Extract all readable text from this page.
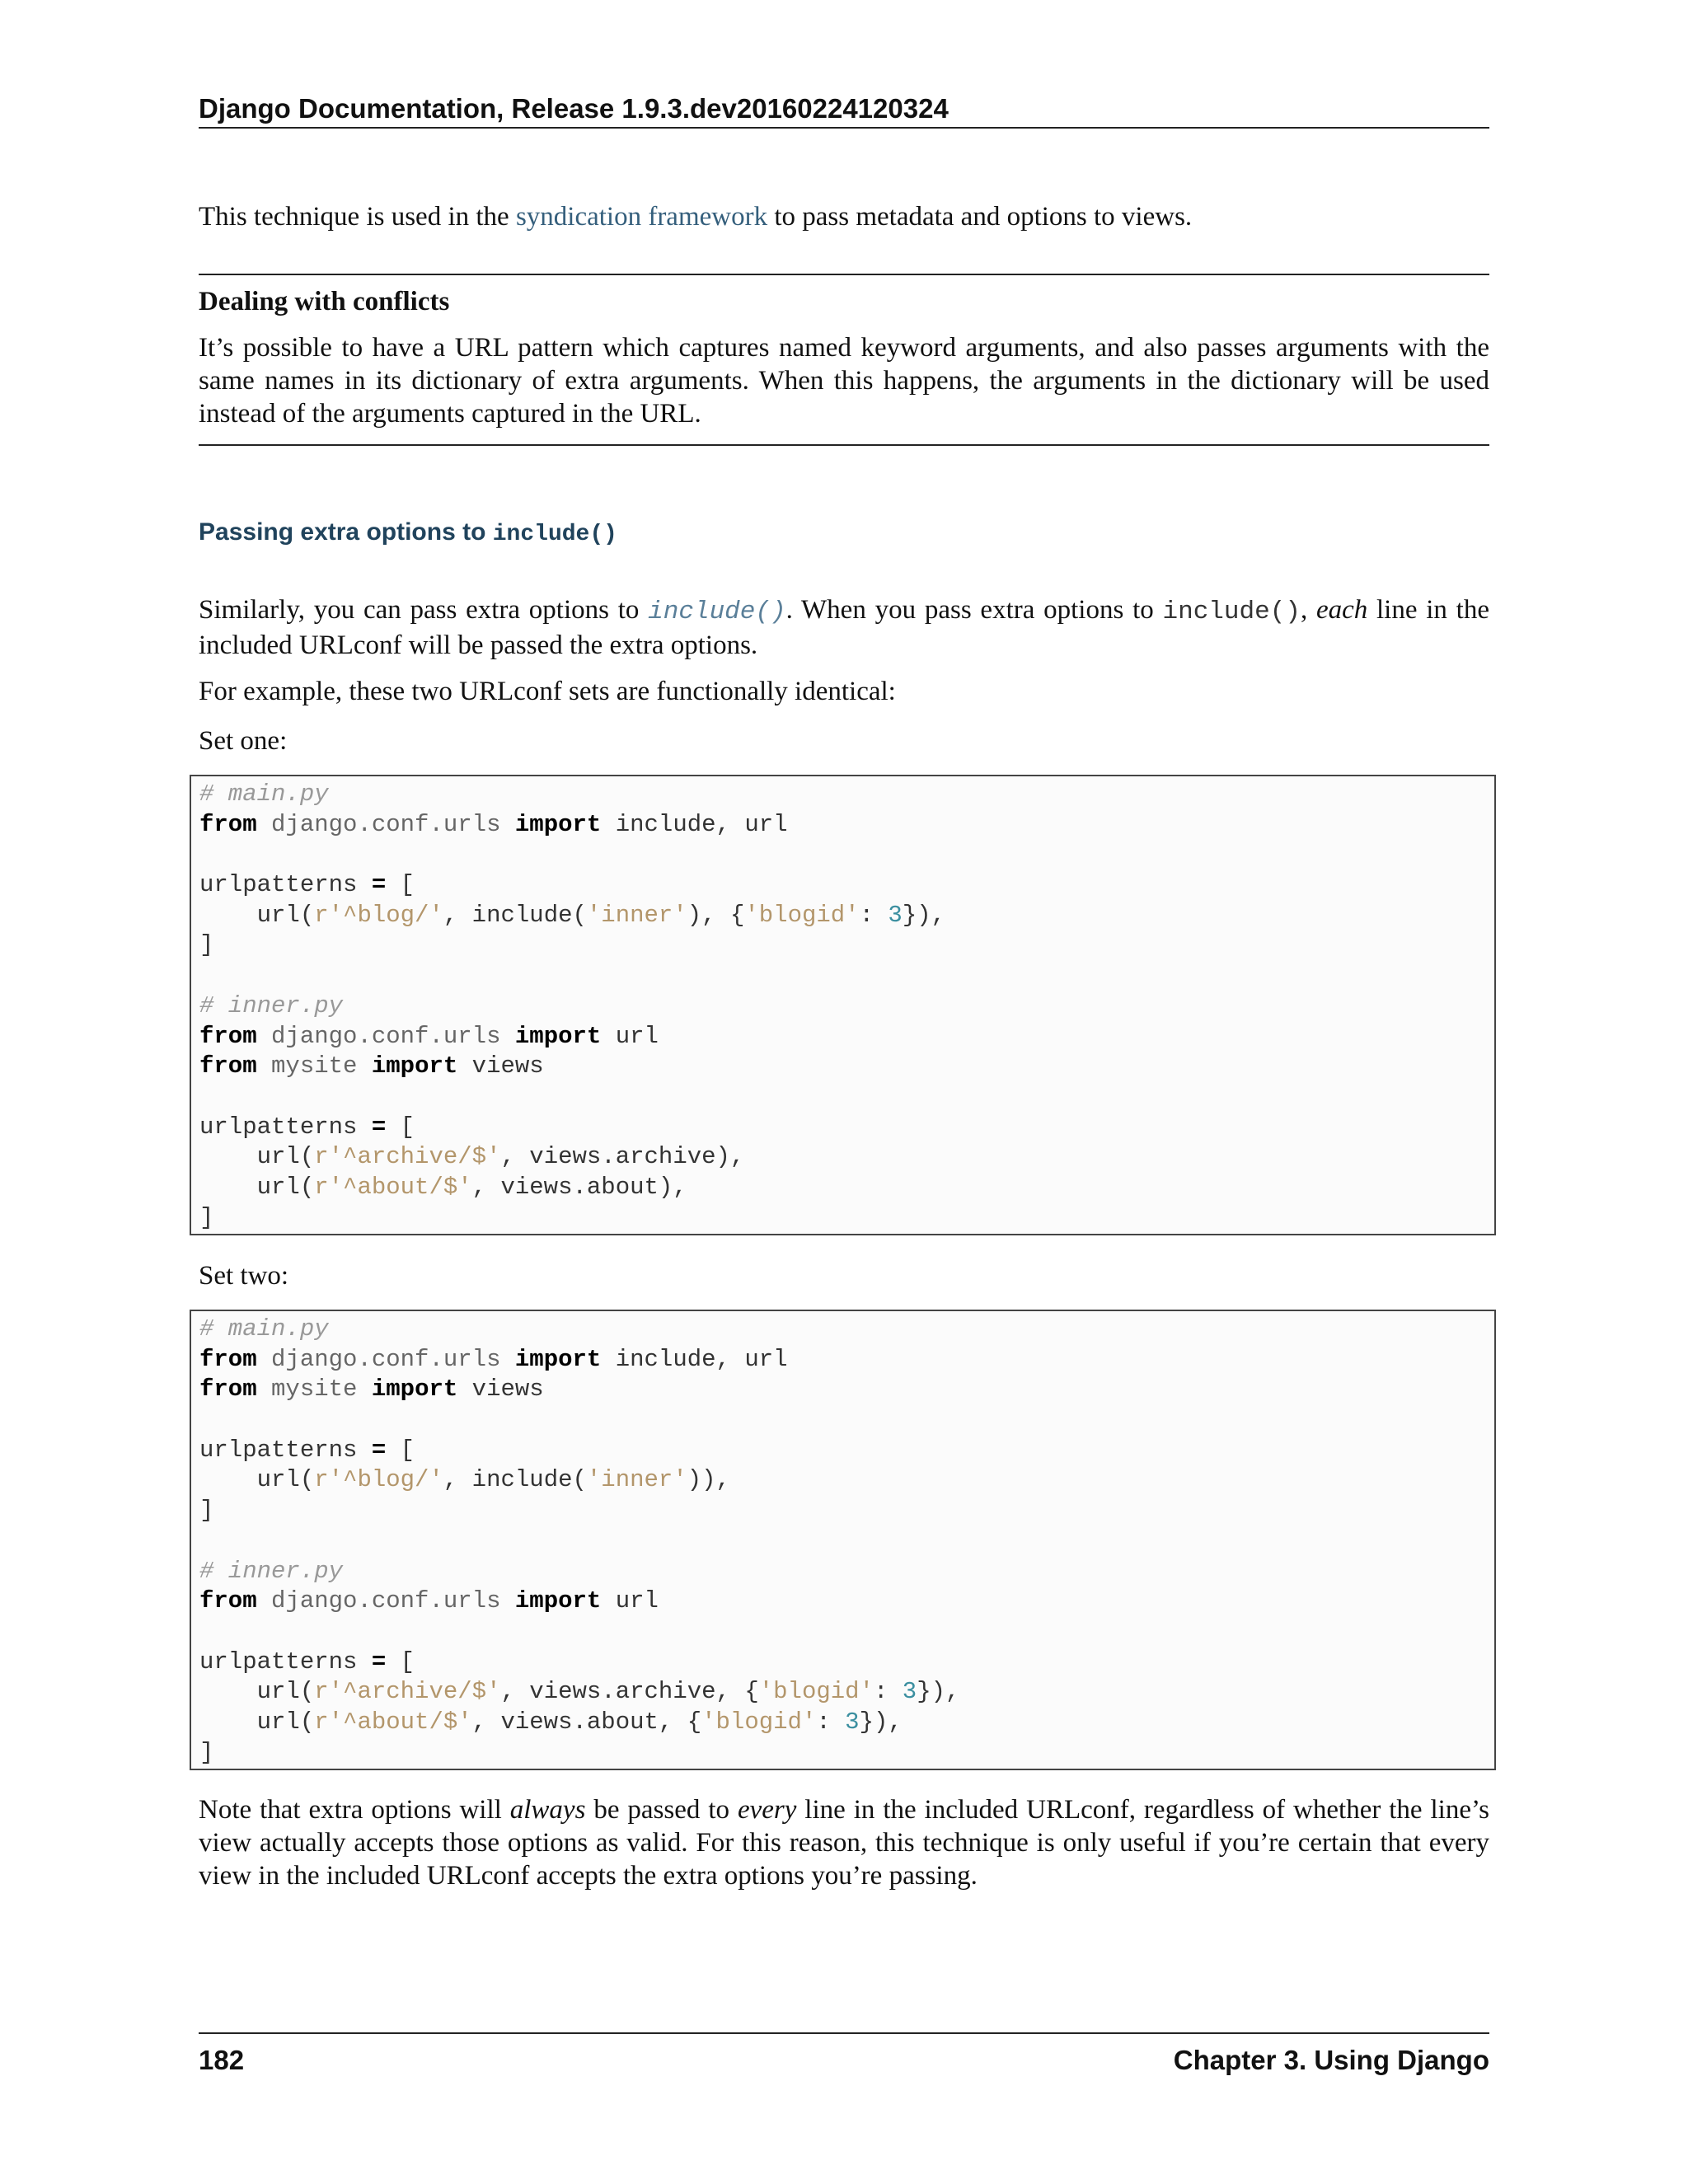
Django Documentation, Release 1.9.3.dev20160224120324

This technique is used in the syndication framework to pass metadata and options to views.

Dealing with conflicts

It’s possible to have a URL pattern which captures named keyword arguments, and also passes arguments with the same names in its dictionary of extra arguments. When this happens, the arguments in the dictionary will be used instead of the arguments captured in the URL.

Passing extra options to include()

Similarly, you can pass extra options to include(). When you pass extra options to include(), each line in the included URLconf will be passed the extra options.

For example, these two URLconf sets are functionally identical:

Set one:

# main.py
from django.conf.urls import include, url
urlpatterns = [
url(r'^blog/', include('inner'), {'blogid': 3}),
]
# inner.py
from django.conf.urls import url
from mysite import views
urlpatterns = [
url(r'^archive/$', views.archive),
url(r'^about/$', views.about),
]

Set two:

# main.py
from django.conf.urls import include, url
from mysite import views
urlpatterns = [
url(r'^blog/', include('inner')),
]
# inner.py
from django.conf.urls import url
urlpatterns = [
url(r'^archive/$', views.archive, {'blogid': 3}),
url(r'^about/$', views.about, {'blogid': 3}),
]

Note that extra options will always be passed to every line in the included URLconf, regardless of whether the line’s view actually accepts those options as valid. For this reason, this technique is only useful if you’re certain that every view in the included URLconf accepts the extra options you’re passing.

182	Chapter 3. Using Django
